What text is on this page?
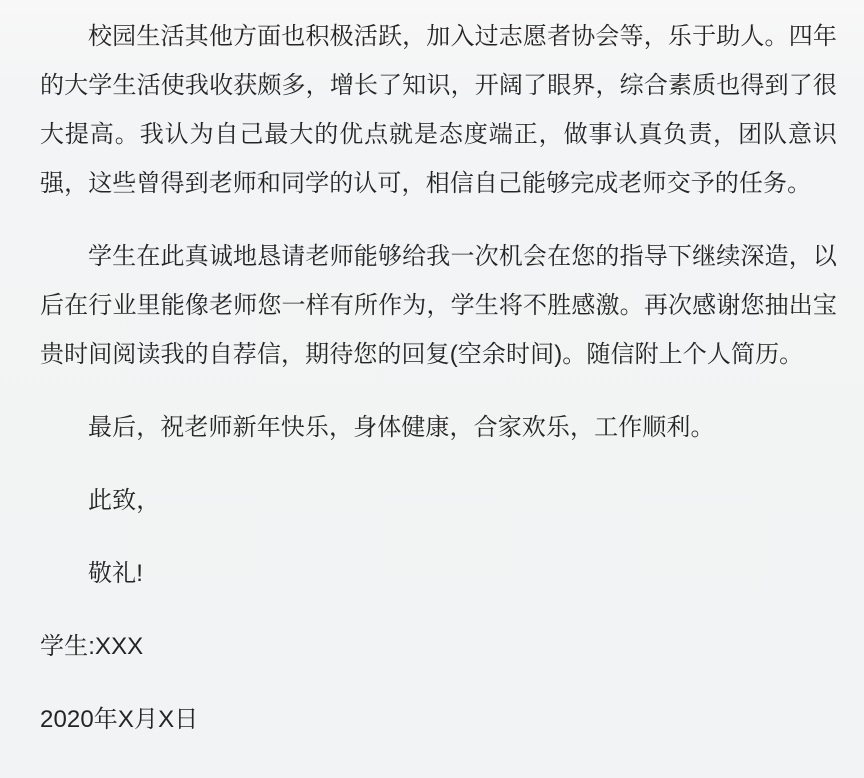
校园生活其他方面也积极活跃，加入过志愿者协会等，乐于助人。四年的大学生活使我收获颇多，增长了知识，开阔了眼界，综合素质也得到了很大提高。我认为自己最大的优点就是态度端正，做事认真负责，团队意识强，这些曾得到老师和同学的认可，相信自己能够完成老师交予的任务。

学生在此真诚地恳请老师能够给我一次机会在您的指导下继续深造，以后在行业里能像老师您一样有所作为，学生将不胜感激。再次感谢您抽出宝贵时间阅读我的自荐信，期待您的回复(空余时间)。随信附上个人简历。

最后，祝老师新年快乐，身体健康，合家欢乐，工作顺利。

此致，

敬礼!

学生:XXX

2020年X月X日
